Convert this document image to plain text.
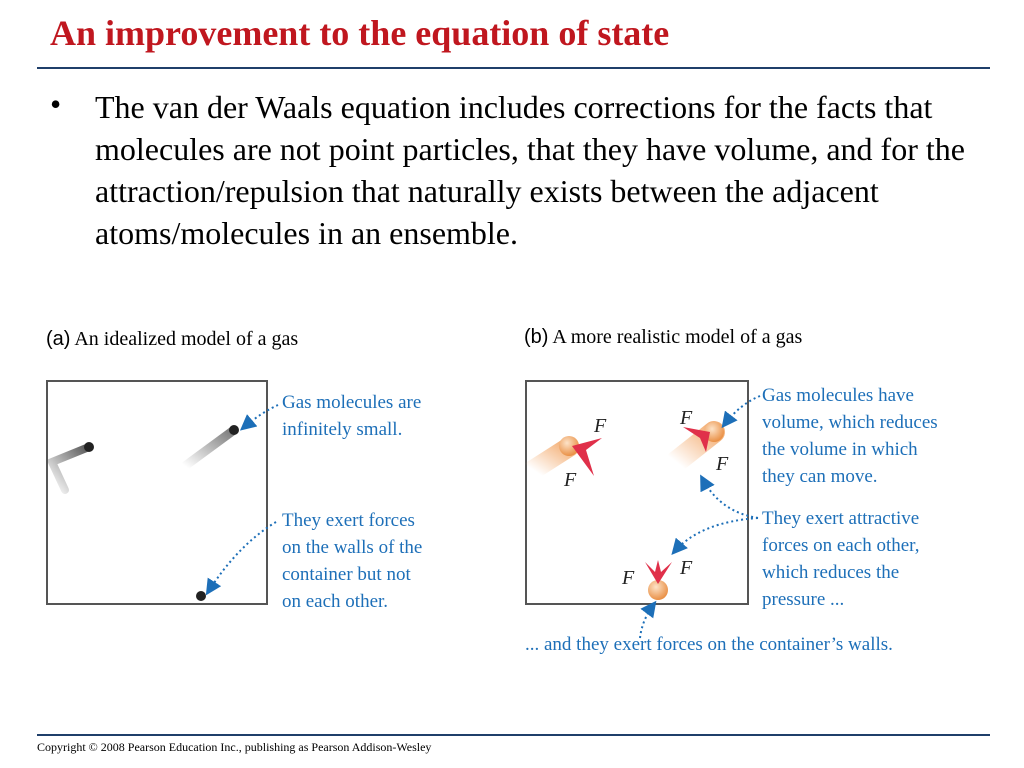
An improvement to the equation of state
• The van der Waals equation includes corrections for the facts that molecules are not point particles, that they have volume, and for the attraction/repulsion that naturally exists between the adjacent atoms/molecules in an ensemble.
(a) An idealized model of a gas
Gas molecules are
infinitely small.
They exert forces
on the walls of the
container but not
on each other.
(b) A more realistic model of a gas
Gas molecules have
volume, which reduces
the volume in which
they can move.
They exert attractive
forces on each other,
which reduces the
pressure ...
... and they exert forces on the container’s walls.
F
F
F
F
F F
Copyright © 2008 Pearson Education Inc., publishing as Pearson Addison-Wesley
